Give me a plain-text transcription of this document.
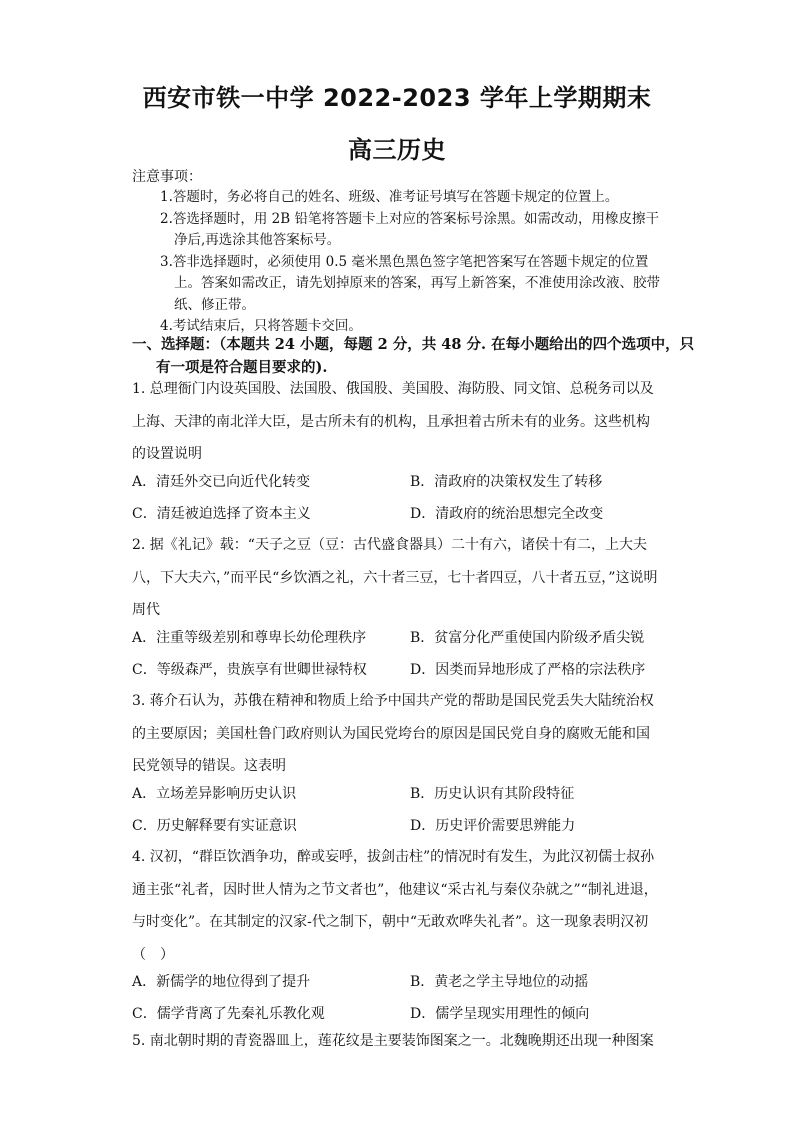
西安市铁一中学 2022-2023 学年上学期期末
高三历史
注意事项：

1.答题时，务必将自己的姓名、班级、准考证号填写在答题卡规定的位置上。

2.答选择题时，用 2B 铅笔将答题卡上对应的答案标号涂黑。如需改动，用橡皮擦干净后,再选涂其他答案标号。

3.答非选择题时，必须使用 0.5 毫米黑色黑色签字笔把答案写在答题卡规定的位置上。答案如需改正，请先划掉原来的答案，再写上新答案，不准使用涂改液、胶带纸、修正带。

4.考试结束后，只将答题卡交回。

一、选择题：（本题共 24 小题，每题 2 分，共 48 分. 在每小题给出的四个选项中，只有一项是符合题目要求的).
1. 总理衙门内设英国股、法国股、俄国股、美国股、海防股、同文馆、总税务司以及上海、天津的南北洋大臣，是古所未有的机构，且承担着古所未有的业务。这些机构的设置说明
A．清廷外交已向近代化转变	B．清政府的决策权发生了转移
C．清廷被迫选择了资本主义	D．清政府的统治思想完全改变
2. 据《礼记》载：“天子之豆（豆：古代盛食器具）二十有六，诸侯十有二，上大夫八，下大夫六，”而平民“乡饮酒之礼，六十者三豆，七十者四豆，八十者五豆，”这说明周代
A．注重等级差别和尊卑长幼伦理秩序	B．贫富分化严重使国内阶级矛盾尖锐
C．等级森严，贵族享有世卿世禄特权	D．因类而异地形成了严格的宗法秩序
3. 蒋介石认为，苏俄在精神和物质上给予中国共产党的帮助是国民党丢失大陆统治权的主要原因；美国杜鲁门政府则认为国民党垮台的原因是国民党自身的腐败无能和国民党领导的错误。这表明
A．立场差异影响历史认识	B．历史认识有其阶段特征
C．历史解释要有实证意识	D．历史评价需要思辨能力
4. 汉初，“群臣饮酒争功，醉或妄呼，拔剑击柱”的情况时有发生，为此汉初儒士叔孙通主张“礼者，因时世人情为之节文者也”，他建议“采古礼与秦仪杂就之”“制礼进退，与时变化”。在其制定的汉家-代之制下，朝中“无敢欢哗失礼者”。这一现象表明汉初（　）
A．新儒学的地位得到了提升	B．黄老之学主导地位的动摇
C．儒学背离了先秦礼乐教化观	D．儒学呈现实用理性的倾向
5. 南北朝时期的青瓷器皿上，莲花纹是主要装饰图案之一。北魏晚期还出现一种图案
